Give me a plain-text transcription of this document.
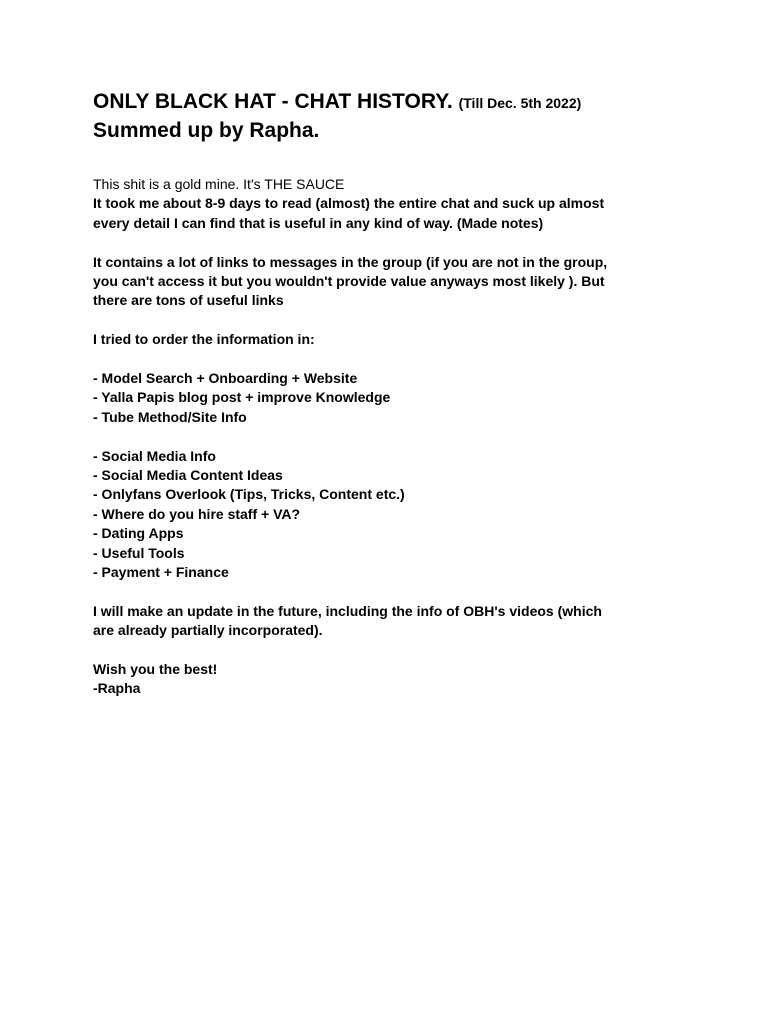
ONLY BLACK HAT - CHAT HISTORY. (Till Dec. 5th 2022)

Summed up by Rapha.

This shit is a gold mine. It's THE SAUCE
It took me about 8-9 days to read (almost) the entire chat and suck up almost
every detail I can find that is useful in any kind of way. (Made notes)

It contains a lot of links to messages in the group (if you are not in the group,
you can't access it but you wouldn't provide value anyways most likely ). But
there are tons of useful links

I tried to order the information in:

- Model Search + Onboarding + Website
- Yalla Papis blog post + improve Knowledge
- Tube Method/Site Info
- Social Media Info
- Social Media Content Ideas
- Onlyfans Overlook (Tips, Tricks, Content etc.)
- Where do you hire staff + VA?
- Dating Apps
- Useful Tools
- Payment + Finance

I will make an update in the future, including the info of OBH's videos (which
are already partially incorporated).

Wish you the best!
-Rapha
